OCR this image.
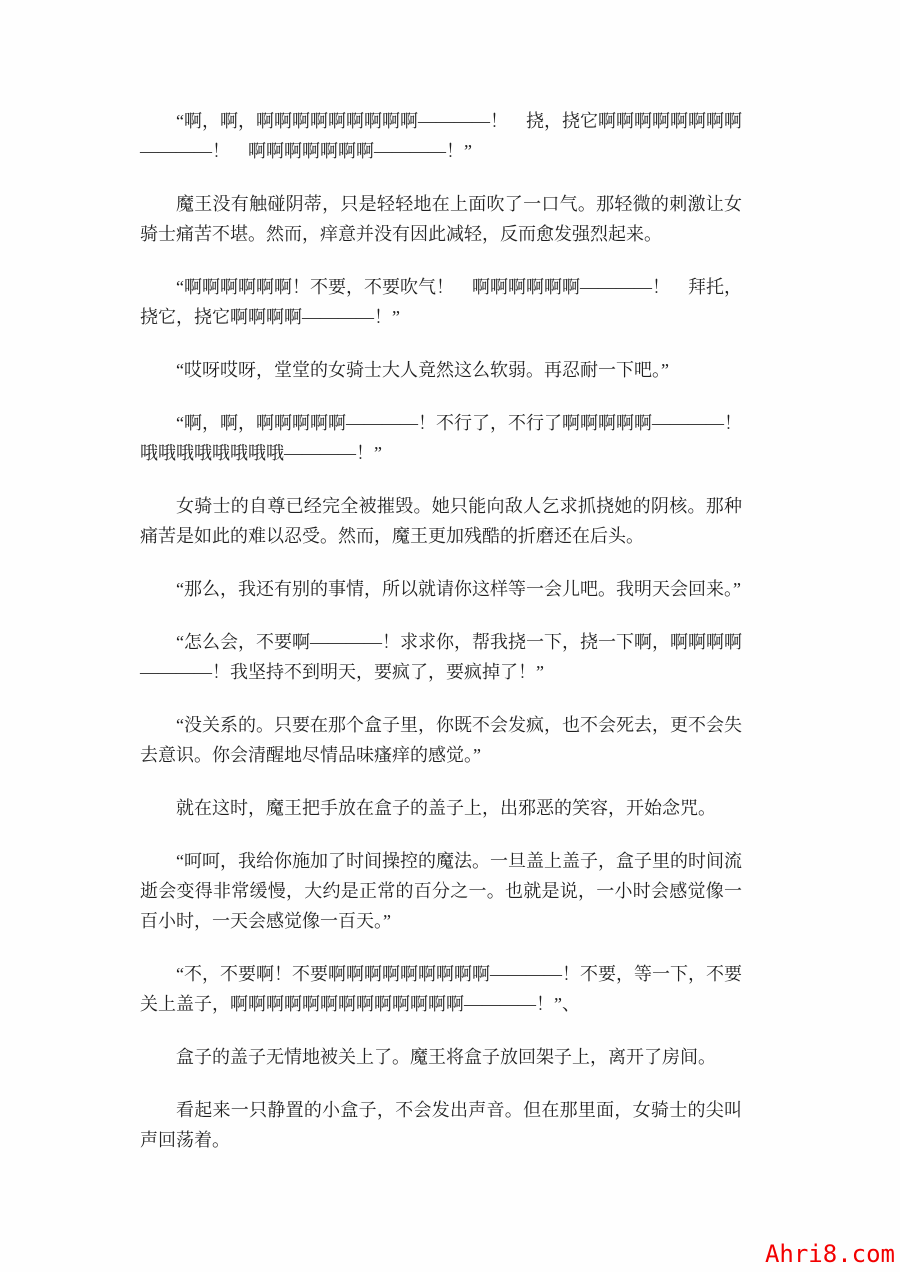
“啊，啊，啊啊啊啊啊啊啊啊啊————！　挠，挠它啊啊啊啊啊啊啊啊————！　啊啊啊啊啊啊啊————！”

魔王没有触碰阴蒂，只是轻轻地在上面吹了一口气。那轻微的刺激让女骑士痛苦不堪。然而，痒意并没有因此减轻，反而愈发强烈起来。

“啊啊啊啊啊啊！不要，不要吹气！　啊啊啊啊啊啊————！　拜托，挠它，挠它啊啊啊啊————！”

“哎呀哎呀，堂堂的女骑士大人竟然这么软弱。再忍耐一下吧。”

“啊，啊，啊啊啊啊啊————！不行了，不行了啊啊啊啊啊————！哦哦哦哦哦哦哦哦————！”

女骑士的自尊已经完全被摧毁。她只能向敌人乞求抓挠她的阴核。那种痛苦是如此的难以忍受。然而，魔王更加残酷的折磨还在后头。

“那么，我还有别的事情，所以就请你这样等一会儿吧。我明天会回来。”

“怎么会，不要啊————！求求你，帮我挠一下，挠一下啊，啊啊啊啊————！我坚持不到明天，要疯了，要疯掉了！”

“没关系的。只要在那个盒子里，你既不会发疯，也不会死去，更不会失去意识。你会清醒地尽情品味瘙痒的感觉。”

就在这时，魔王把手放在盒子的盖子上，出邪恶的笑容，开始念咒。

“呵呵，我给你施加了时间操控的魔法。一旦盖上盖子，盒子里的时间流逝会变得非常缓慢，大约是正常的百分之一。也就是说，一小时会感觉像一百小时，一天会感觉像一百天。”

“不，不要啊！不要啊啊啊啊啊啊啊啊啊————！不要，等一下，不要关上盖子，啊啊啊啊啊啊啊啊啊啊啊啊啊————！”、

盒子的盖子无情地被关上了。魔王将盒子放回架子上，离开了房间。

看起来一只静置的小盒子，不会发出声音。但在那里面，女骑士的尖叫声回荡着。

Ahri8.com
